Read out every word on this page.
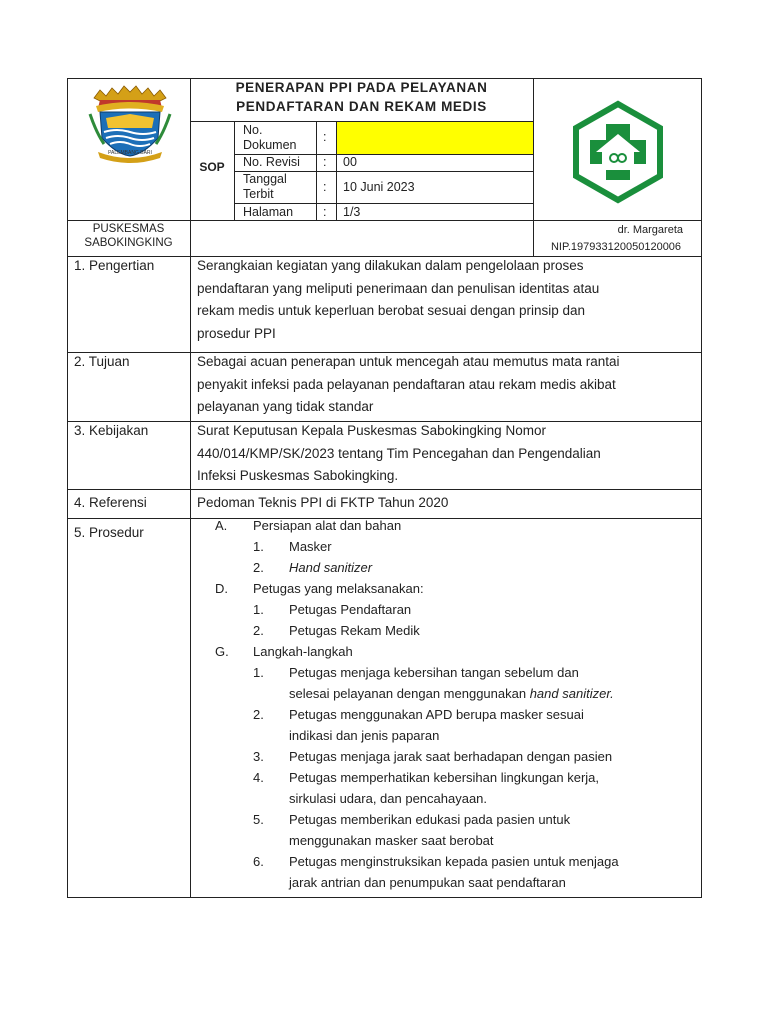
PALEMBANG BARI
PENERAPAN PPI PADA PELAYANAN
PENDAFTARAN DAN REKAM MEDIS
SOP
No.
Dokumen
:
No. Revisi : 00
Tanggal
Terbit	: 10 Juni 2023
Halaman : 1/3
PUSKESMAS
SABOKINGKING
dr. Margareta
NIP.197933120050120006
1. Pengertian
2. Tujuan
3. Kebijakan
4. Referensi
5. Prosedur
Serangkaian kegiatan yang dilakukan dalam pengelolaan proses
pendaftaran yang meliputi penerimaan dan penulisan identitas atau
rekam medis untuk keperluan berobat sesuai dengan prinsip dan
prosedur PPI
Sebagai acuan penerapan untuk mencegah atau memutus mata rantai
penyakit infeksi pada pelayanan pendaftaran atau rekam medis akibat
pelayanan yang tidak standar
Surat Keputusan Kepala Puskesmas Sabokingking Nomor
440/014/KMP/SK/2023 tentang Tim Pencegahan dan Pengendalian
Infeksi Puskesmas Sabokingking.
Pedoman Teknis PPI di FKTP Tahun 2020
A. Persiapan alat dan bahan
1. Masker
2. Hand sanitizer
D. Petugas yang melaksanakan:
1. Petugas Pendaftaran
2. Petugas Rekam Medik
G. Langkah-langkah
1. Petugas menjaga kebersihan tangan sebelum dan
selesai pelayanan dengan menggunakan hand sanitizer.
2. Petugas menggunakan APD berupa masker sesuai
indikasi dan jenis paparan
3. Petugas menjaga jarak saat berhadapan dengan pasien
4. Petugas memperhatikan kebersihan lingkungan kerja,
sirkulasi udara, dan pencahayaan.
5. Petugas memberikan edukasi pada pasien untuk
menggunakan masker saat berobat
6. Petugas menginstruksikan kepada pasien untuk menjaga
jarak antrian dan penumpukan saat pendaftaran
